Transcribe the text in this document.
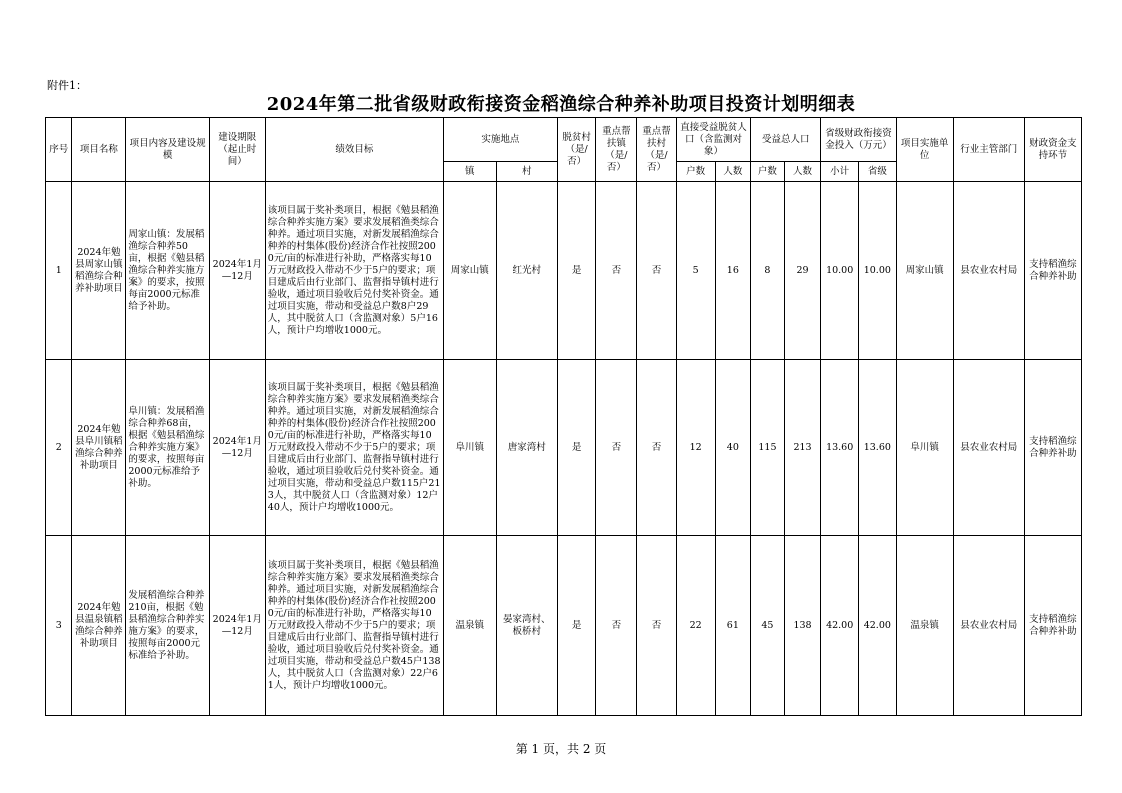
附件1：
2024年第二批省级财政衔接资金稻渔综合种养补助项目投资计划明细表
序号	项目名称	项目内容及建设规模	建设期限（起止时间）	绩效目标	实施地点		脱贫村（是/否）	重点帮扶镇（是/否）	重点帮扶村（是/否）	直接受益脱贫人口（含监测对象）		受益总人口		省级财政衔接资金投入（万元）		项目实施单位	行业主管部门	财政资金支持环节
					镇	村				户数	人数	户数	人数	小计	省级			
1	2024年勉县周家山镇稻渔综合种养补助项目	周家山镇：发展稻渔综合种养50亩，根据《勉县稻渔综合种养实施方案》的要求，按照每亩2000元标准给予补助。	2024年1月—12月	该项目属于奖补类项目，根据《勉县稻渔综合种养实施方案》要求发展稻渔类综合种养。通过项目实施，对新发展稻渔综合种养的村集体(股份)经济合作社按照2000元/亩的标准进行补助，严格落实每10万元财政投入带动不少于5户的要求；项目建成后由行业部门、监督指导镇村进行验收，通过项目验收后兑付奖补资金。通过项目实施，带动和受益总户数8户29人，其中脱贫人口（含监测对象）5户16人，预计户均增收1000元。	周家山镇	红光村	是	否	否	5	16	8	29	10.00	10.00	周家山镇	县农业农村局	支持稻渔综合种养补助
2	2024年勉县阜川镇稻渔综合种养补助项目	阜川镇：发展稻渔综合种养68亩，根据《勉县稻渔综合种养实施方案》的要求，按照每亩2000元标准给予补助。	2024年1月—12月	该项目属于奖补类项目，根据《勉县稻渔综合种养实施方案》要求发展稻渔类综合种养。通过项目实施，对新发展稻渔综合种养的村集体(股份)经济合作社按照2000元/亩的标准进行补助，严格落实每10万元财政投入带动不少于5户的要求；项目建成后由行业部门、监督指导镇村进行验收，通过项目验收后兑付奖补资金。通过项目实施，带动和受益总户数115户213人，其中脱贫人口（含监测对象）12户40人，预计户均增收1000元。	阜川镇	唐家湾村	是	否	否	12	40	115	213	13.60	13.60	阜川镇	县农业农村局	支持稻渔综合种养补助
3	2024年勉县温泉镇稻渔综合种养补助项目	发展稻渔综合种养210亩，根据《勉县稻渔综合种养实施方案》的要求，按照每亩2000元标准给予补助。	2024年1月—12月	该项目属于奖补类项目，根据《勉县稻渔综合种养实施方案》要求发展稻渔类综合种养。通过项目实施，对新发展稻渔综合种养的村集体(股份)经济合作社按照2000元/亩的标准进行补助，严格落实每10万元财政投入带动不少于5户的要求；项目建成后由行业部门、监督指导镇村进行验收，通过项目验收后兑付奖补资金。通过项目实施，带动和受益总户数45户138人，其中脱贫人口（含监测对象）22户61人，预计户均增收1000元。	温泉镇	晏家湾村、板桥村	是	否	否	22	61	45	138	42.00	42.00	温泉镇	县农业农村局	支持稻渔综合种养补助
第 1 页，共 2 页
